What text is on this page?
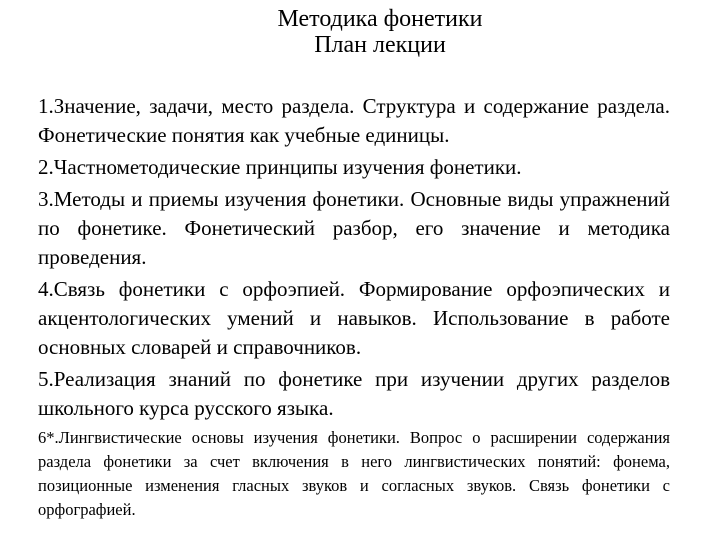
Методика фонетики

План лекции

1.Значение, задачи, место раздела. Структура и содержание раздела. Фонетические понятия как учебные единицы.

2.Частнометодические принципы изучения фонетики.

3.Методы и приемы изучения фонетики. Основные виды упражнений по фонетике. Фонетический разбор, его значение и методика проведения.

4.Связь фонетики с орфоэпией. Формирование орфоэпических и акцентологических умений и навыков. Использование в работе основных словарей и справочников.

5.Реализация знаний по фонетике при изучении других разделов школьного курса русского языка.

6*.Лингвистические основы изучения фонетики. Вопрос о расширении содержания раздела фонетики за счет включения в него лингвистических понятий: фонема, позиционные изменения гласных звуков и согласных звуков. Связь фонетики с орфографией.
